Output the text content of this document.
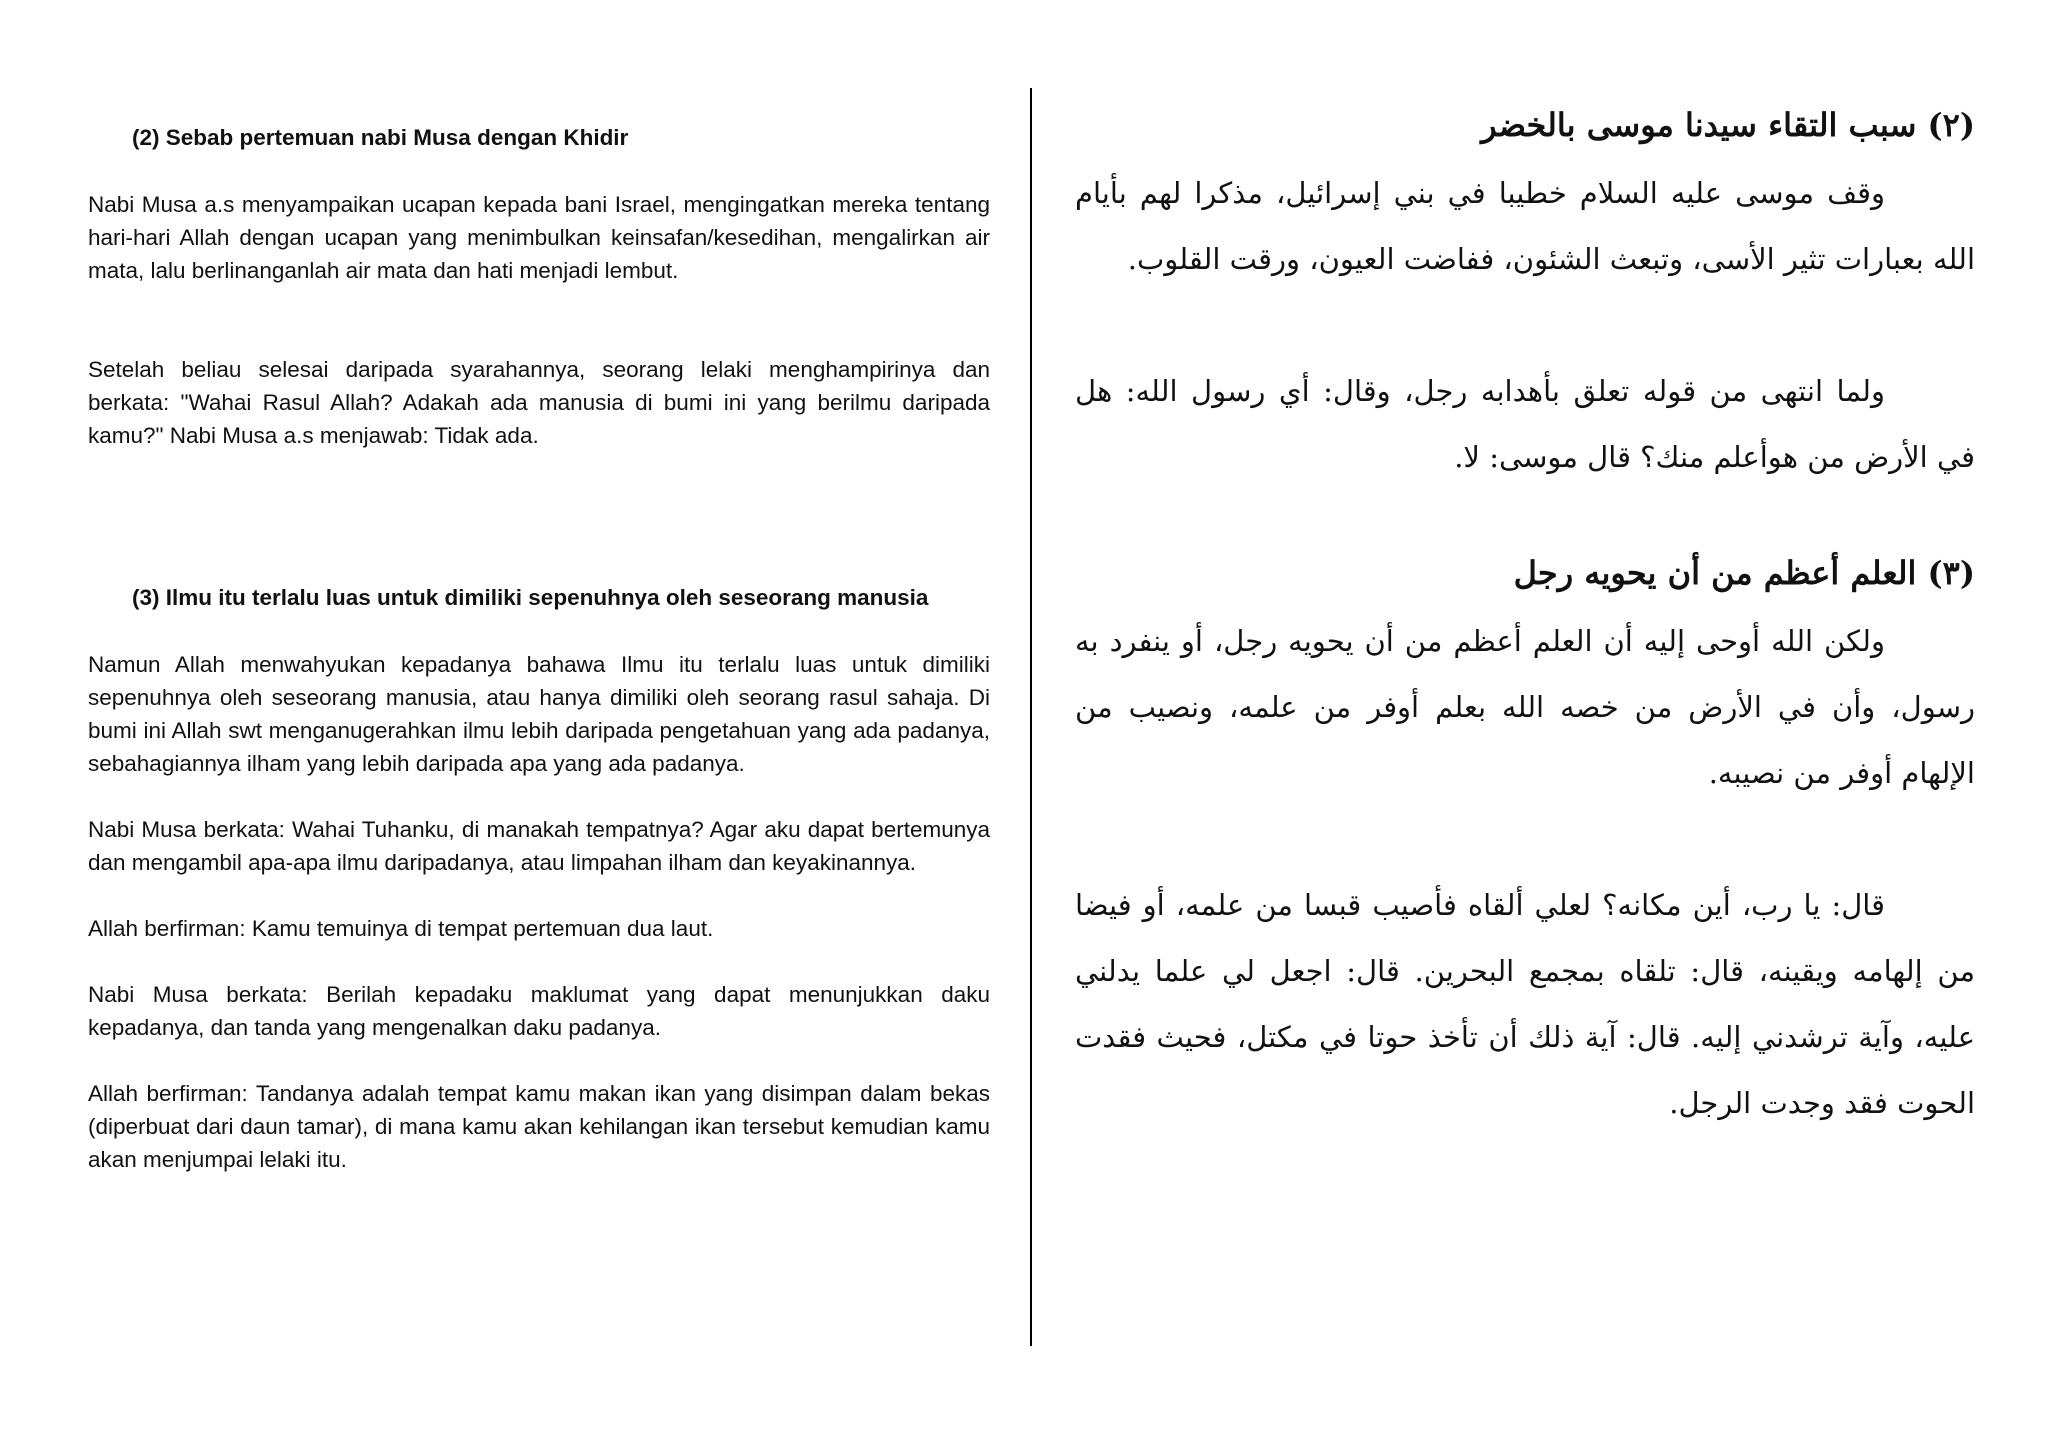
(2) Sebab pertemuan nabi Musa dengan Khidir

Nabi Musa a.s menyampaikan ucapan kepada bani Israel, mengingatkan mereka tentang hari-hari Allah dengan ucapan yang menimbulkan keinsafan/kesedihan, mengalirkan air mata, lalu berlinanganlah air mata dan hati menjadi lembut.

Setelah beliau selesai daripada syarahannya, seorang lelaki menghampirinya dan berkata: "Wahai Rasul Allah? Adakah ada manusia di bumi ini yang berilmu daripada kamu?" Nabi Musa a.s menjawab: Tidak ada.

(3) Ilmu itu terlalu luas untuk dimiliki sepenuhnya oleh seseorang manusia

Namun Allah menwahyukan kepadanya bahawa Ilmu itu terlalu luas untuk dimiliki sepenuhnya oleh seseorang manusia, atau hanya dimiliki oleh seorang rasul sahaja. Di bumi ini Allah swt menganugerahkan ilmu lebih daripada pengetahuan yang ada padanya, sebahagiannya ilham yang lebih daripada apa yang ada padanya.

Nabi Musa berkata: Wahai Tuhanku, di manakah tempatnya? Agar aku dapat bertemunya dan mengambil apa-apa ilmu daripadanya, atau limpahan ilham dan keyakinannya.

Allah berfirman: Kamu temuinya di tempat pertemuan dua laut.

Nabi Musa berkata: Berilah kepadaku maklumat yang dapat menunjukkan daku kepadanya, dan tanda yang mengenalkan daku padanya.

Allah berfirman: Tandanya adalah tempat kamu makan ikan yang disimpan dalam bekas (diperbuat dari daun tamar), di mana kamu akan kehilangan ikan tersebut kemudian kamu akan menjumpai lelaki itu.

(٢) سبب التقاء سيدنا موسى بالخضر

وقف موسى عليه السلام خطيبا في بني إسرائيل، مذكرا لهم بأيام الله بعبارات تثير الأسى، وتبعث الشئون، ففاضت العيون، ورقت القلوب.

ولما انتهى من قوله تعلق بأهدابه رجل، وقال: أي رسول الله: هل في الأرض من هوأعلم منك؟ قال موسى: لا.

(٣) العلم أعظم من أن يحويه رجل

ولكن الله أوحى إليه أن العلم أعظم من أن يحويه رجل، أو ينفرد به رسول، وأن في الأرض من خصه الله بعلم أوفر من علمه، ونصيب من الإلهام أوفر من نصيبه.

قال: يا رب، أين مكانه؟ لعلي ألقاه فأصيب قبسا من علمه، أو فيضا من إلهامه ويقينه، قال: تلقاه بمجمع البحرين. قال: اجعل لي علما يدلني عليه، وآية ترشدني إليه. قال: آية ذلك أن تأخذ حوتا في مكتل، فحيث فقدت الحوت فقد وجدت الرجل.
